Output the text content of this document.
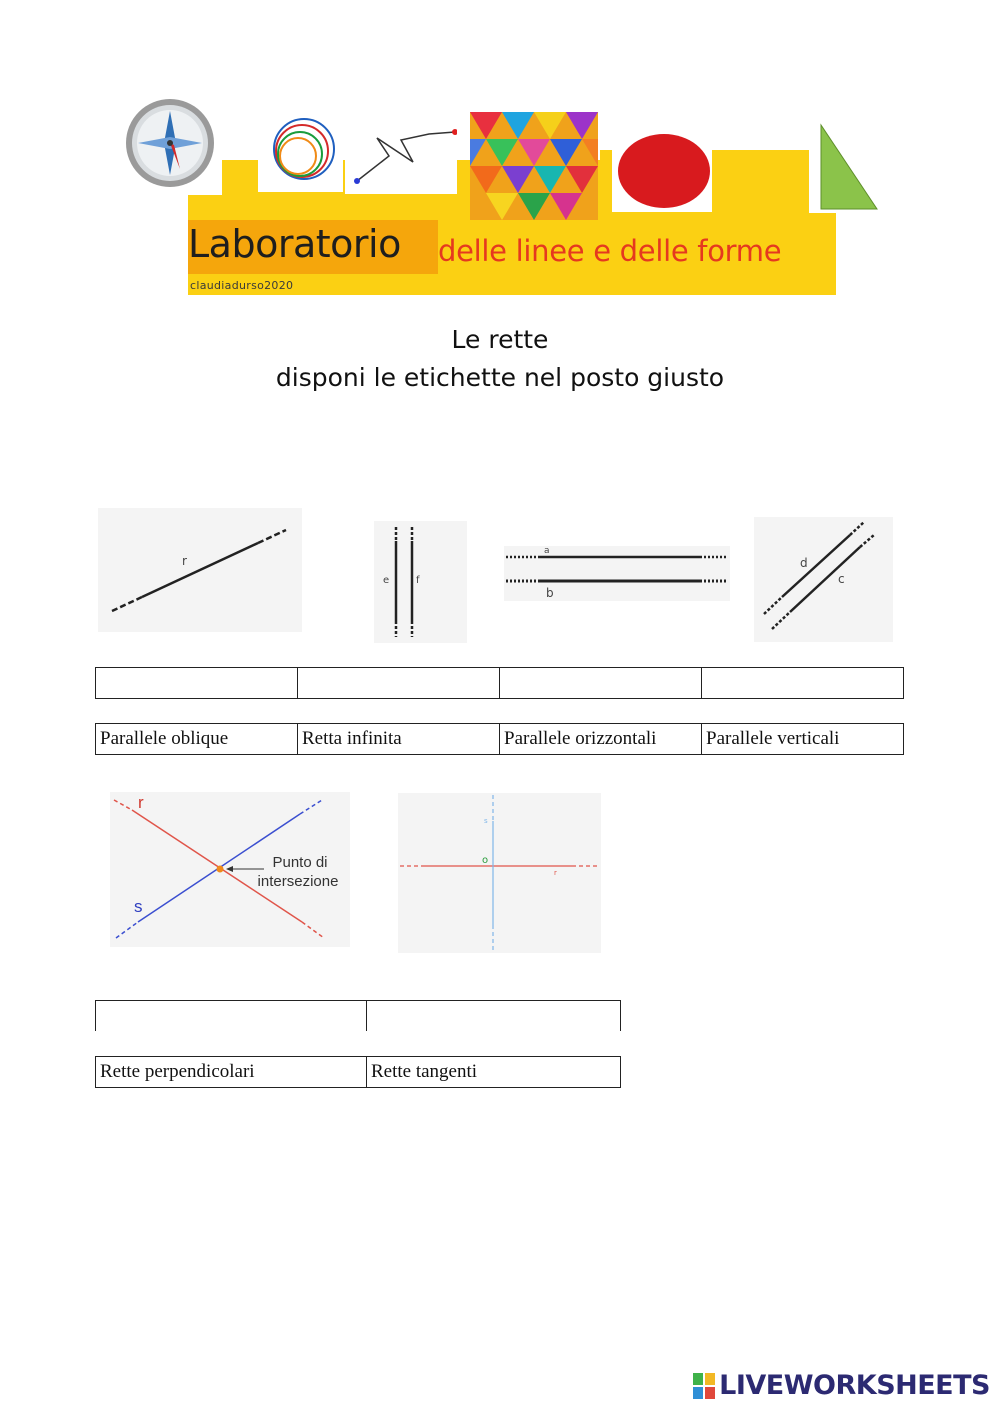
Laboratorio delle linee e delle forme
claudiadurso2020
Le rette
disponi le etichette nel posto giusto
r
e	f
a
b
d
c

Parallele oblique	Retta infinita	Parallele orizzontali	Parallele verticali
r
s
Punto di
intersezione
o
r
s

Rette perpendicolari	Rette tangenti
LIVEWORKSHEETS
